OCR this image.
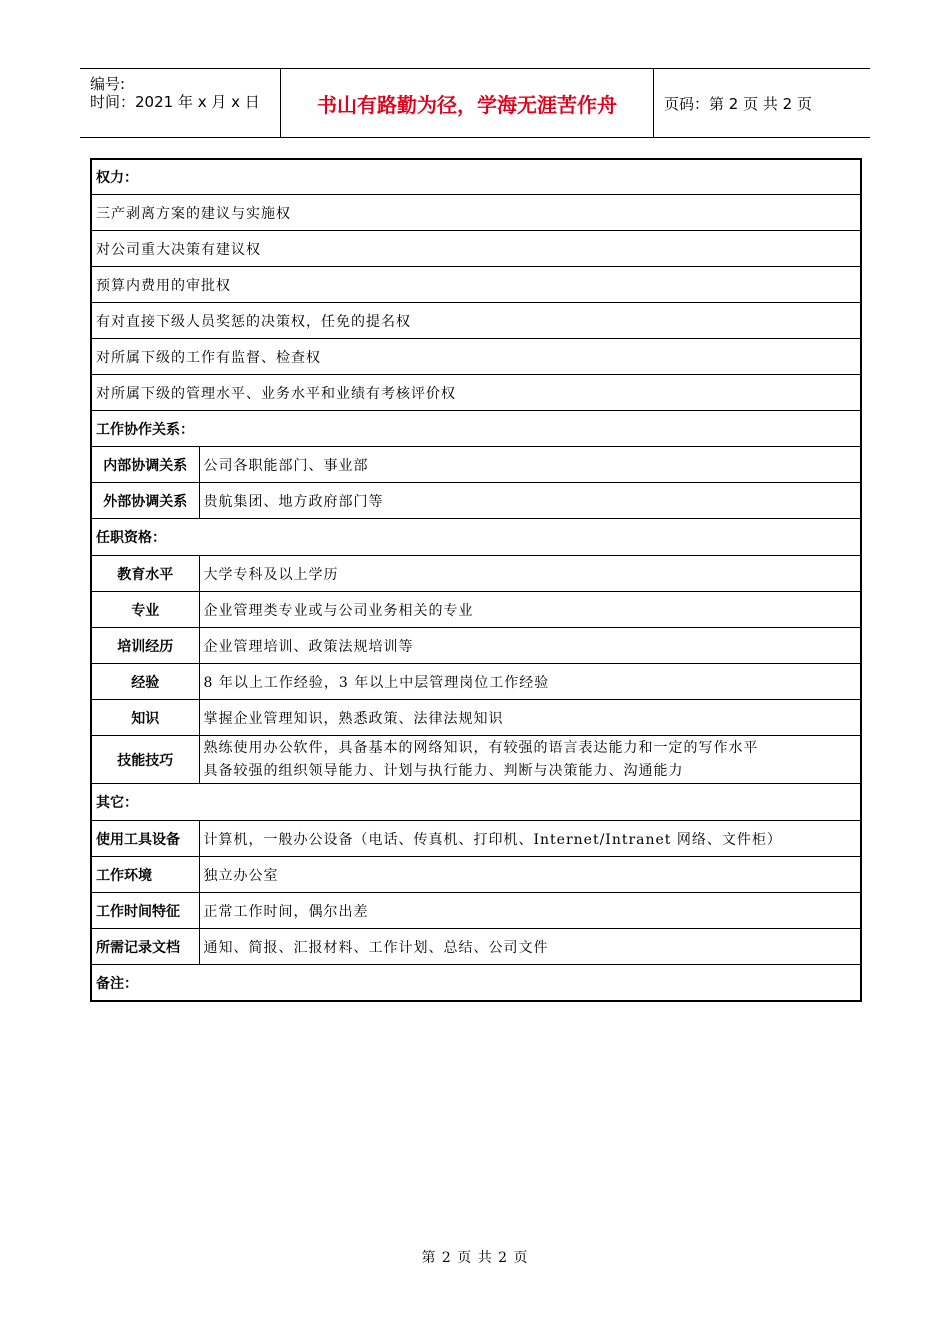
编号:
时间：2021 年 x 月 x 日	书山有路勤为径，学海无涯苦作舟	页码：第 2 页 共 2 页
权力：	
三产剥离方案的建议与实施权	
对公司重大决策有建议权	
预算内费用的审批权	
有对直接下级人员奖惩的决策权，任免的提名权	
对所属下级的工作有监督、检查权	
对所属下级的管理水平、业务水平和业绩有考核评价权	
工作协作关系：	
内部协调关系	公司各职能部门、事业部
外部协调关系	贵航集团、地方政府部门等
任职资格：	
教育水平	大学专科及以上学历
专业	企业管理类专业或与公司业务相关的专业
培训经历	企业管理培训、政策法规培训等
经验	8 年以上工作经验，3 年以上中层管理岗位工作经验
知识	掌握企业管理知识，熟悉政策、法律法规知识
技能技巧	熟练使用办公软件，具备基本的网络知识，有较强的语言表达能力和一定的写作水平
具备较强的组织领导能力、计划与执行能力、判断与决策能力、沟通能力

其它：	
使用工具设备	计算机，一般办公设备（电话、传真机、打印机、Internet/Intranet 网络、文件柜）
工作环境	独立办公室
工作时间特征	正常工作时间，偶尔出差
所需记录文档	通知、简报、汇报材料、工作计划、总结、公司文件
备注：	
第 2 页 共 2 页
